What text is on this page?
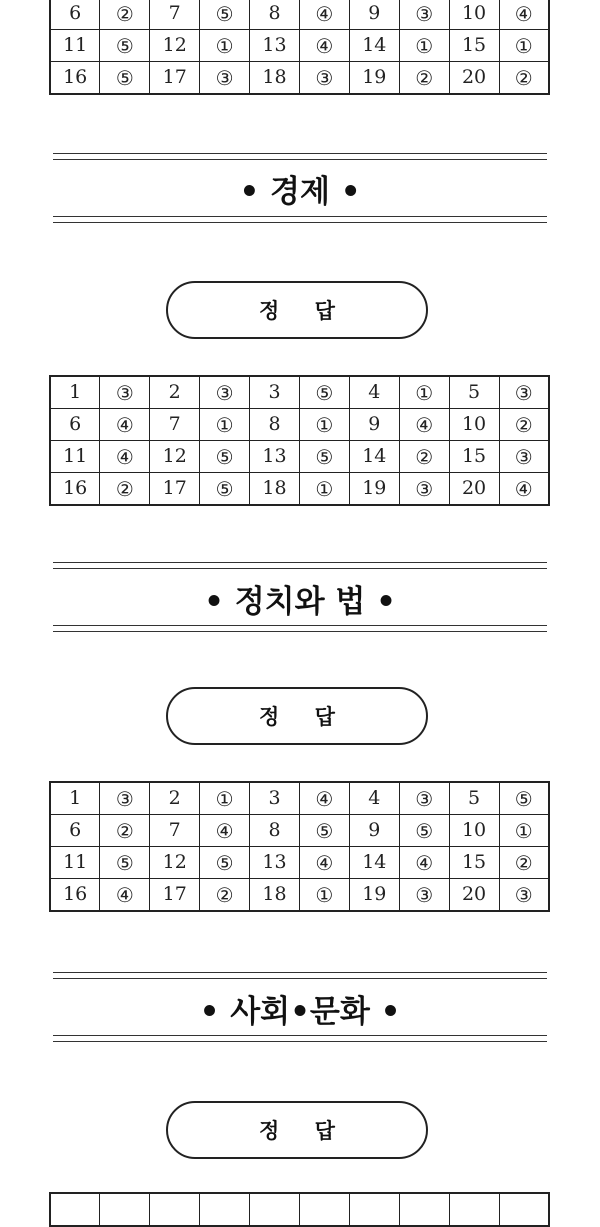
6	②	7	⑤	8	④	9	③	10	④
11	⑤	12	①	13	④	14	①	15	①
16	⑤	17	③	18	③	19	②	20	②
• 경제 •
정 답
1	③	2	③	3	⑤	4	①	5	③
6	④	7	①	8	①	9	④	10	②
11	④	12	⑤	13	⑤	14	②	15	③
16	②	17	⑤	18	①	19	③	20	④
• 정치와 법 •
정 답
1	③	2	①	3	④	4	③	5	⑤
6	②	7	④	8	⑤	9	⑤	10	①
11	⑤	12	⑤	13	④	14	④	15	②
16	④	17	②	18	①	19	③	20	③
• 사회•문화 •
정 답
